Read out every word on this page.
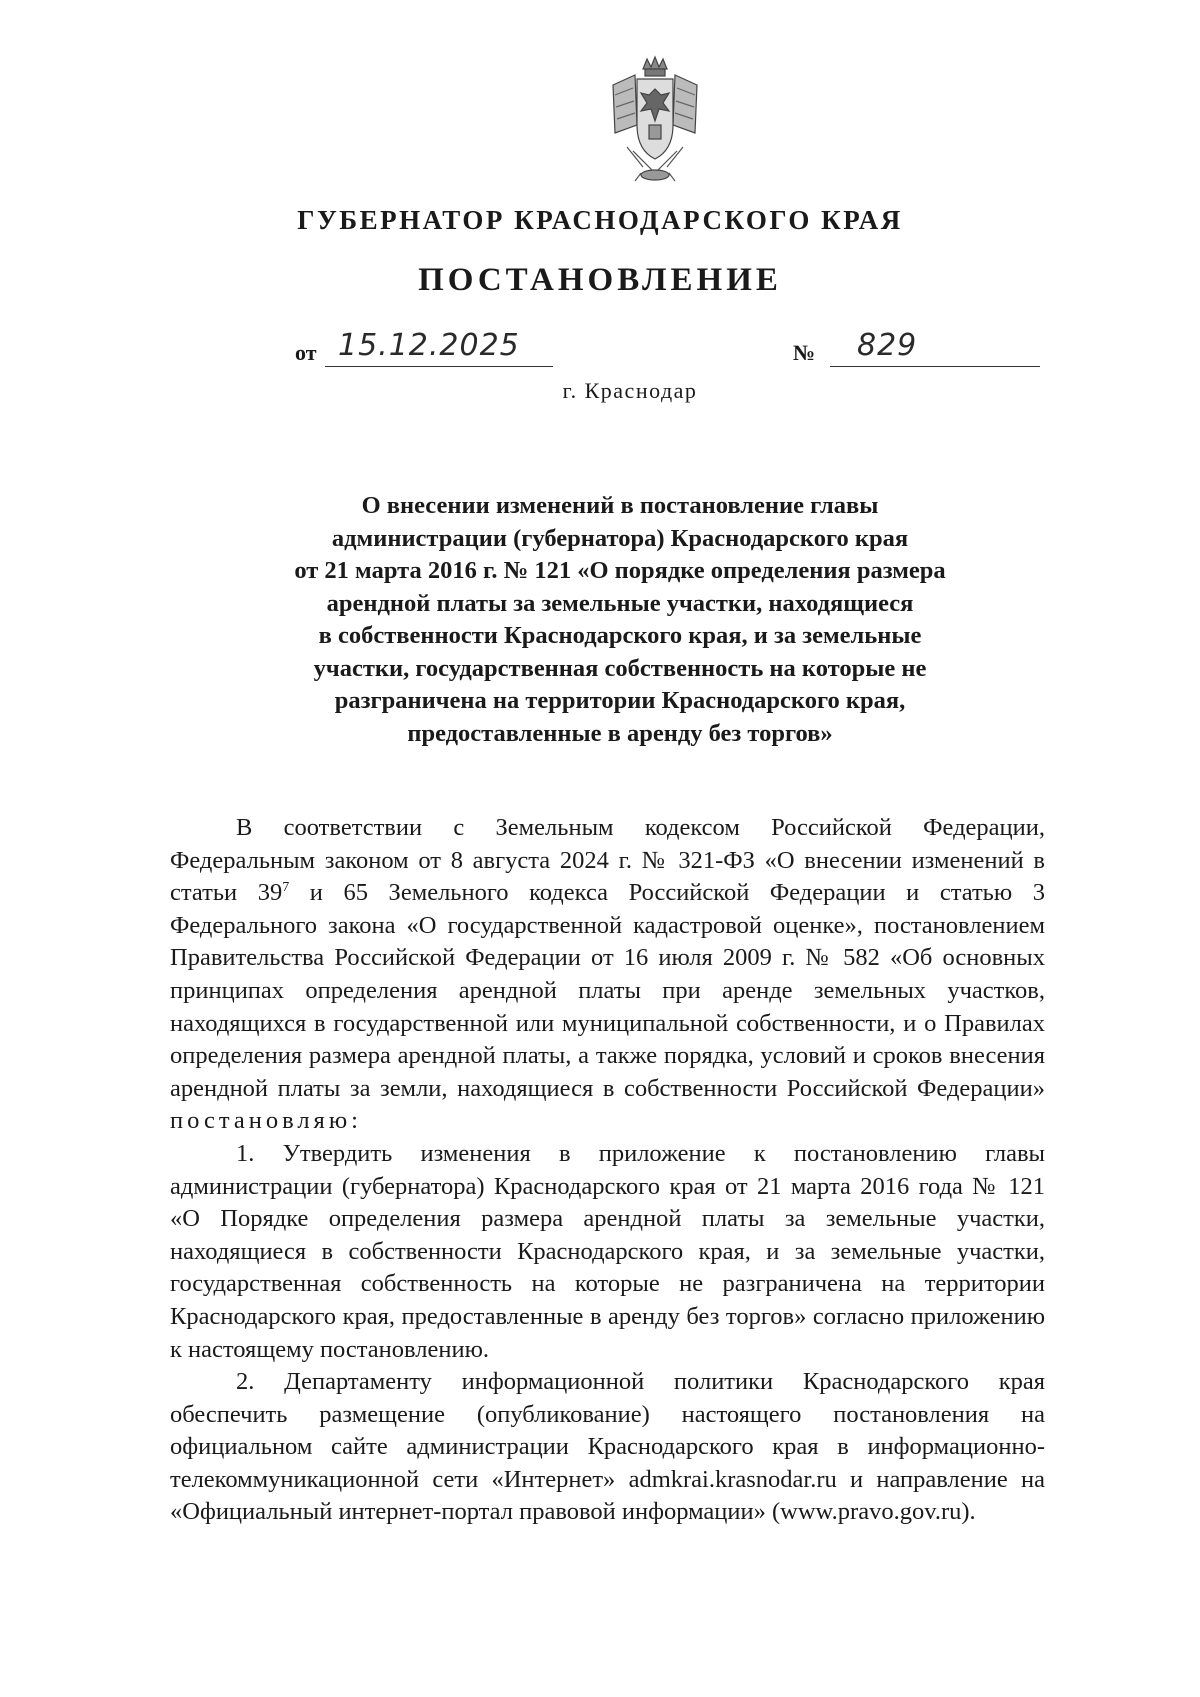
ГУБЕРНАТОР КРАСНОДАРСКОГО КРАЯ
ПОСТАНОВЛЕНИЕ
от 15.12.2025	№ 829
г. Краснодар
О внесении изменений в постановление главы
администрации (губернатора) Краснодарского края
от 21 марта 2016 г. № 121 «О порядке определения размера
арендной платы за земельные участки, находящиеся
в собственности Краснодарского края, и за земельные
участки, государственная собственность на которые не
разграничена на территории Краснодарского края,
предоставленные в аренду без торгов»

В соответствии с Земельным кодексом Российской Федерации, Федеральным законом от 8 августа 2024 г. № 321-ФЗ «О внесении изменений в статьи $39^7$ и 65 Земельного кодекса Российской Федерации и статью 3 Федерального закона «О государственной кадастровой оценке», постановлением Правительства Российской Федерации от 16 июля 2009 г. № 582 «Об основных принципах определения арендной платы при аренде земельных участков, находящихся в государственной или муниципальной собственности, и о Правилах определения размера арендной платы, а также порядка, условий и сроков внесения арендной платы за земли, находящиеся в собственности Российской Федерации» постановляю:

1. Утвердить изменения в приложение к постановлению главы администрации (губернатора) Краснодарского края от 21 марта 2016 года № 121 «О Порядке определения размера арендной платы за земельные участки, находящиеся в собственности Краснодарского края, и за земельные участки, государственная собственность на которые не разграничена на территории Краснодарского края, предоставленные в аренду без торгов» согласно приложению к настоящему постановлению.

2. Департаменту информационной политики Краснодарского края обеспечить размещение (опубликование) настоящего постановления на официальном сайте администрации Краснодарского края в информационно-телекоммуникационной сети «Интернет» admkrai.krasnodar.ru и направление на «Официальный интернет-портал правовой информации» (www.pravo.gov.ru).
